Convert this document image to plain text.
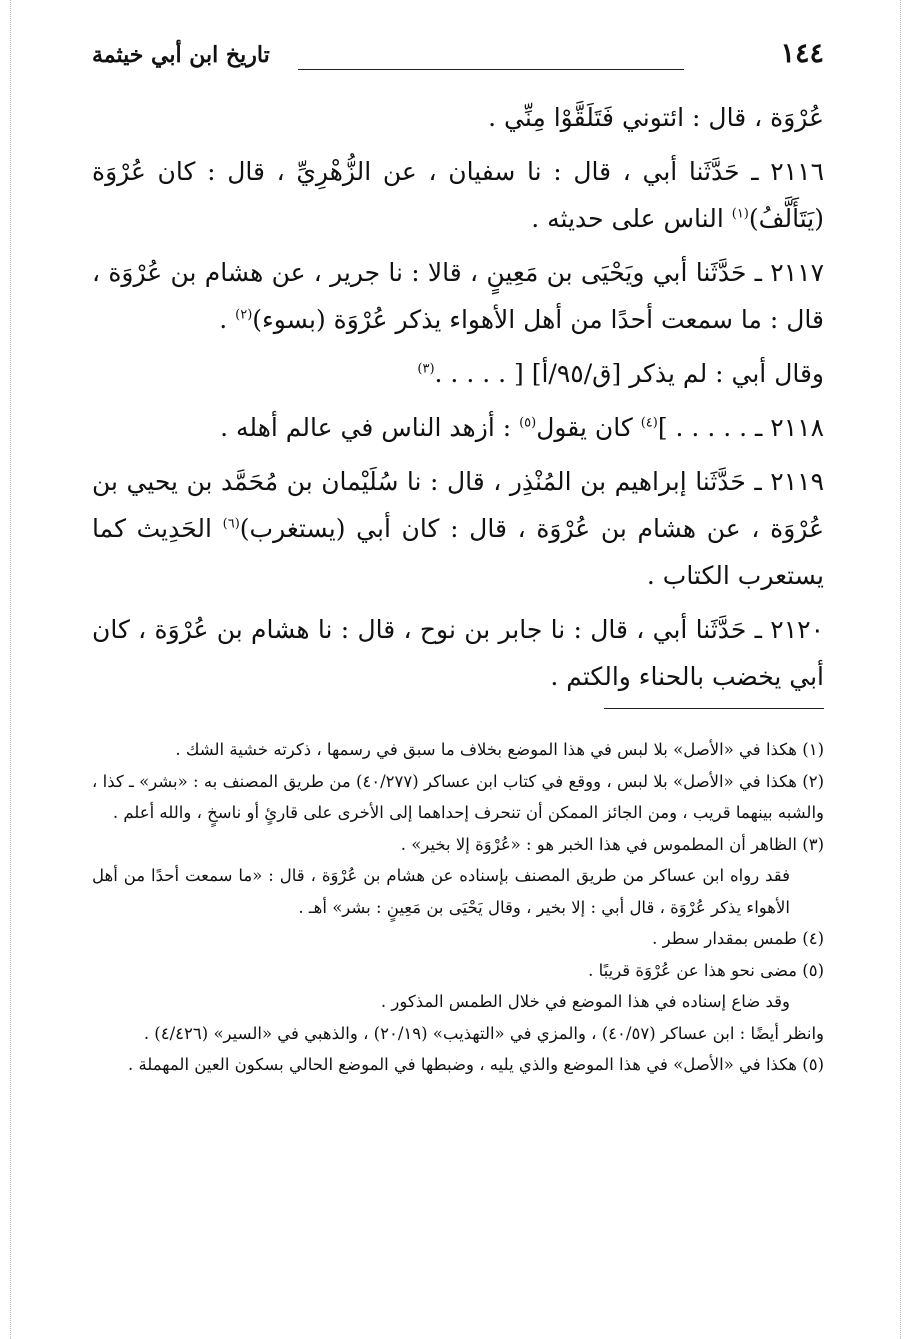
١٤٤
تاريخ ابن أبي خيثمة

عُرْوَة ، قال : ائتوني فَتَلَقَّوْا مِنِّي .

٢١١٦ ـ حَدَّثَنا أبي ، قال : نا سفيان ، عن الزُّهْرِيِّ ، قال : كان عُرْوَة (يَتَأَلَّفُ)$^{(١)}$ الناس على حديثه .

٢١١٧ ـ حَدَّثَنا أبي ويَحْيَى بن مَعِينٍ ، قالا : نا جرير ، عن هشام بن عُرْوَة ، قال : ما سمعت أحدًا من أهل الأهواء يذكر عُرْوَة (بسوء)$^{(٢)}$ .

وقال أبي : لم يذكر [ق/٩٥/أ] [ . . . . .$^{(٣)}$

٢١١٨ ـ . . . . . ]$^{(٤)}$ كان يقول$^{(٥)}$ : أزهد الناس في عالم أهله .

٢١١٩ ـ حَدَّثَنا إبراهيم بن المُنْذِر ، قال : نا سُلَيْمان بن مُحَمَّد بن يحيي بن عُرْوَة ، عن هشام بن عُرْوَة ، قال : كان أبي (يستغرب)$^{(٦)}$ الحَدِيث كما يستعرب الكتاب .

٢١٢٠ ـ حَدَّثَنا أبي ، قال : نا جابر بن نوح ، قال : نا هشام بن عُرْوَة ، كان أبي يخضب بالحناء والكتم .

(١) هكذا في «الأصل» بلا لبس في هذا الموضع بخلاف ما سبق في رسمها ، ذكرته خشية الشك .

(٢) هكذا في «الأصل» بلا لبس ، ووقع في كتاب ابن عساكر (٤٠/٢٧٧) من طريق المصنف به : «بشر» ـ كذا ، والشبه بينهما قريب ، ومن الجائز الممكن أن تنحرف إحداهما إلى الأخرى على قارئٍ أو ناسخٍ ، والله أعلم .

(٣) الظاهر أن المطموس في هذا الخبر هو : «عُرْوَة إلا بخير» .

فقد رواه ابن عساكر من طريق المصنف بإسناده عن هشام بن عُرْوَة ، قال : «ما سمعت أحدًا من أهل الأهواء يذكر عُرْوَة ، قال أبي : إلا بخير ، وقال يَحْيَى بن مَعِينٍ : بشر» أهـ .

(٤) طمس بمقدار سطر .

(٥) مضى نحو هذا عن عُرْوَة قريبًا .

وقد ضاع إسناده في هذا الموضع في خلال الطمس المذكور .

وانظر أيضًا : ابن عساكر (٤٠/٥٧) ، والمزي في «التهذيب» (٢٠/١٩) ، والذهبي في «السير» (٤/٤٢٦) .

(٥) هكذا في «الأصل» في هذا الموضع والذي يليه ، وضبطها في الموضع الحالي بسكون العين المهملة .
